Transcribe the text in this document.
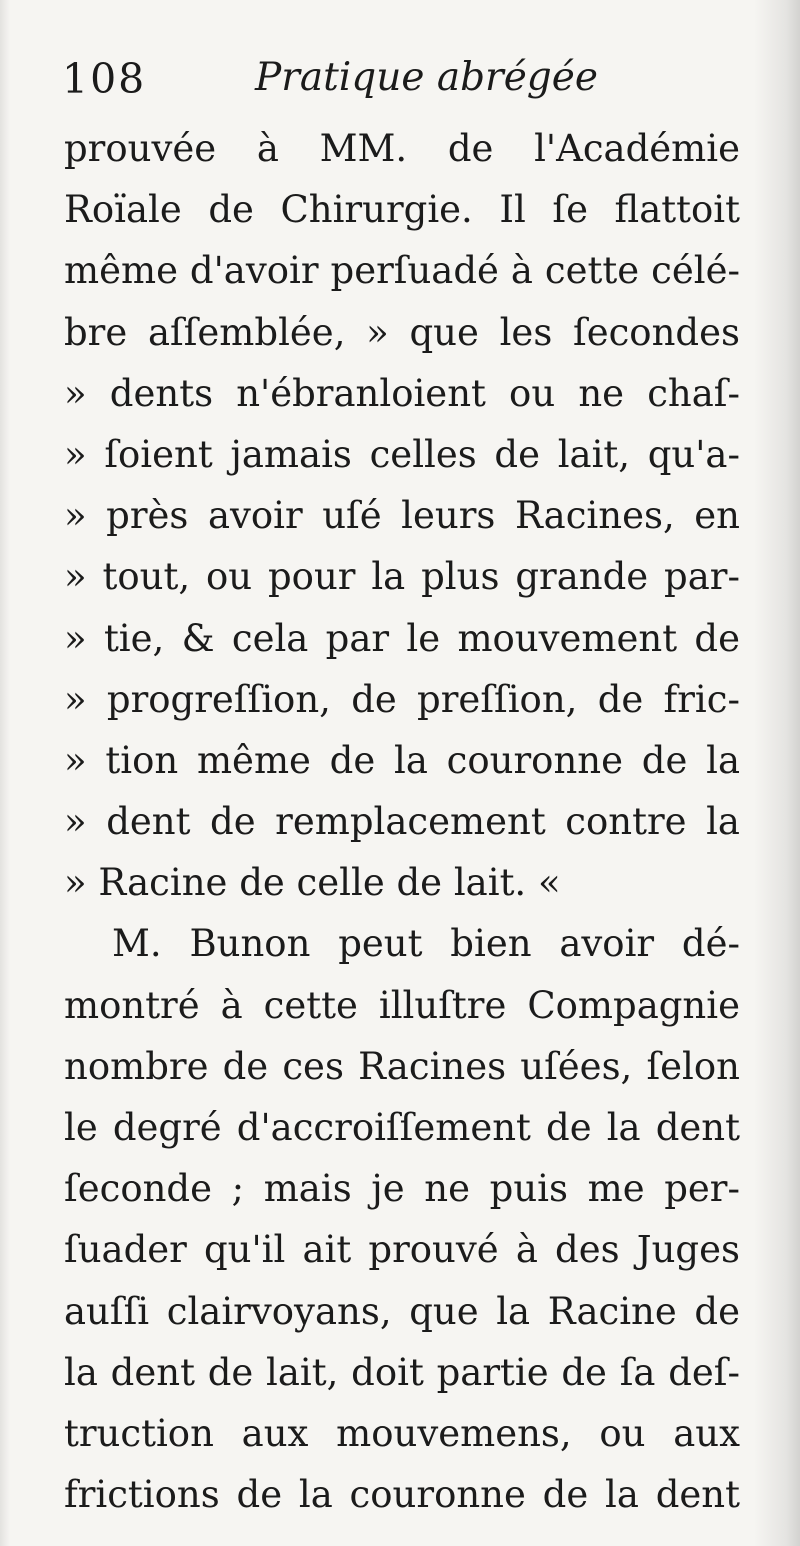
108	Pratique abrégée
prouvée à MM. de l'Académie
Roïale de Chirurgie. Il ſe flattoit
même d'avoir perſuadé à cette célé-
bre aſſemblée, » que les ſecondes
» dents n'ébranloient ou ne chaſ-
» ſoient jamais celles de lait, qu'a-
» près avoir uſé leurs Racines, en
» tout, ou pour la plus grande par-
» tie, & cela par le mouvement de
» progreſſion, de preſſion, de fric-
» tion même de la couronne de la
» dent de remplacement contre la
» Racine de celle de lait. «
M. Bunon peut bien avoir dé-
montré à cette illuſtre Compagnie
nombre de ces Racines uſées, ſelon
le degré d'accroiſſement de la dent
ſeconde ; mais je ne puis me per-
ſuader qu'il ait prouvé à des Juges
auſſi clairvoyans, que la Racine de
la dent de lait, doit partie de ſa deſ-
truction aux mouvemens, ou aux
frictions de la couronne de la dent
